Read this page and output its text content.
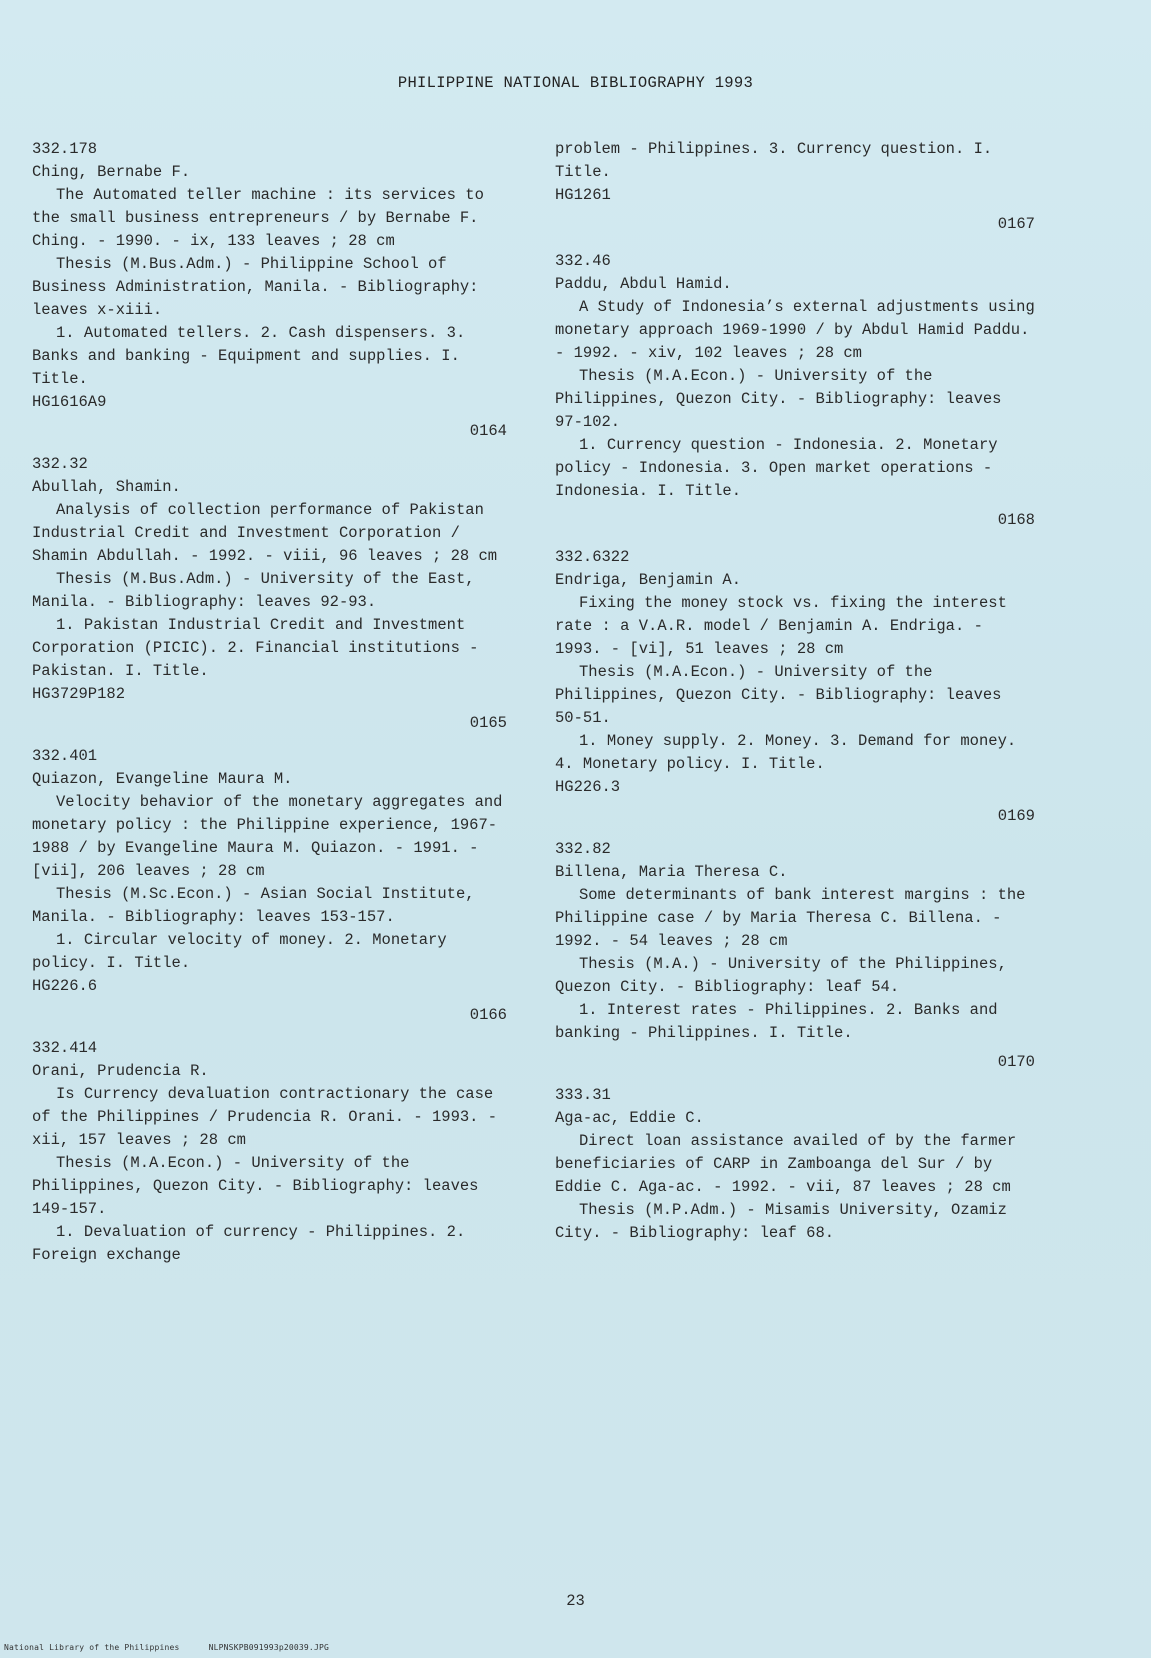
PHILIPPINE NATIONAL BIBLIOGRAPHY 1993

332.178

Ching, Bernabe F.

The Automated teller machine : its services to the small business entrepreneurs / by Bernabe F. Ching. - 1990. - ix, 133 leaves ; 28 cm

Thesis (M.Bus.Adm.) - Philippine School of Business Administration, Manila. - Bibliography: leaves x-xiii.

1. Automated tellers. 2. Cash dispensers. 3. Banks and banking - Equipment and supplies. I. Title.

HG1616A9

0164

332.32

Abullah, Shamin.

Analysis of collection performance of Pakistan Industrial Credit and Investment Corporation / Shamin Abdullah. - 1992. - viii, 96 leaves ; 28 cm

Thesis (M.Bus.Adm.) - University of the East, Manila. - Bibliography: leaves 92-93.

1. Pakistan Industrial Credit and Investment Corporation (PICIC). 2. Financial institutions - Pakistan. I. Title.

HG3729P182

0165

332.401

Quiazon, Evangeline Maura M.

Velocity behavior of the monetary aggregates and monetary policy : the Philippine experience, 1967-1988 / by Evangeline Maura M. Quiazon. - 1991. - [vii], 206 leaves ; 28 cm

Thesis (M.Sc.Econ.) - Asian Social Institute, Manila. - Bibliography: leaves 153-157.

1. Circular velocity of money. 2. Monetary policy. I. Title.

HG226.6

0166

332.414

Orani, Prudencia R.

Is Currency devaluation contractionary the case of the Philippines / Prudencia R. Orani. - 1993. - xii, 157 leaves ; 28 cm

Thesis (M.A.Econ.) - University of the Philippines, Quezon City. - Bibliography: leaves 149-157.

1. Devaluation of currency - Philippines. 2. Foreign exchange

problem - Philippines. 3. Currency question. I. Title.

HG1261

0167

332.46

Paddu, Abdul Hamid.

A Study of Indonesia’s external adjustments using monetary approach 1969-1990 / by Abdul Hamid Paddu. - 1992. - xiv, 102 leaves ; 28 cm

Thesis (M.A.Econ.) - University of the Philippines, Quezon City. - Bibliography: leaves 97-102.

1. Currency question - Indonesia. 2. Monetary policy - Indonesia. 3. Open market operations - Indonesia. I. Title.

0168

332.6322

Endriga, Benjamin A.

Fixing the money stock vs. fixing the interest rate : a V.A.R. model / Benjamin A. Endriga. - 1993. - [vi], 51 leaves ; 28 cm

Thesis (M.A.Econ.) - University of the Philippines, Quezon City. - Bibliography: leaves 50-51.

1. Money supply. 2. Money. 3. Demand for money. 4. Monetary policy. I. Title.

HG226.3

0169

332.82

Billena, Maria Theresa C.

Some determinants of bank interest margins : the Philippine case / by Maria Theresa C. Billena. - 1992. - 54 leaves ; 28 cm

Thesis (M.A.) - University of the Philippines, Quezon City. - Bibliography: leaf 54.

1. Interest rates - Philippines. 2. Banks and banking - Philippines. I. Title.

0170

333.31

Aga-ac, Eddie C.

Direct loan assistance availed of by the farmer beneficiaries of CARP in Zamboanga del Sur / by Eddie C. Aga-ac. - 1992. - vii, 87 leaves ; 28 cm

Thesis (M.P.Adm.) - Misamis University, Ozamiz City. - Bibliography: leaf 68.

23
National Library of the Philippines	NLPNSKPB091993p20039.JPG
